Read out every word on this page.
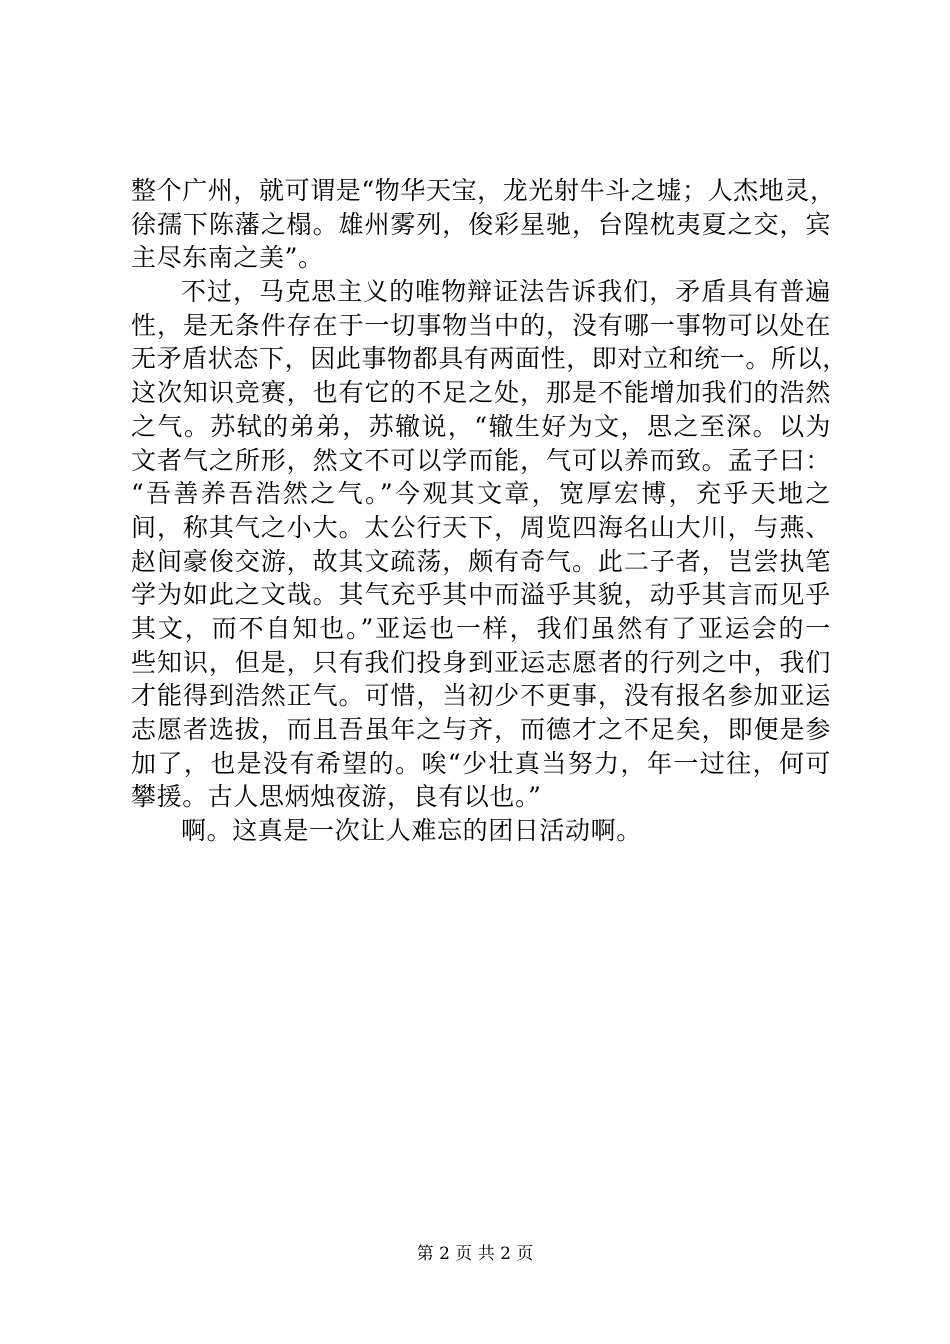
整个广州，就可谓是“物华天宝，龙光射牛斗之墟；人杰地灵，
徐孺下陈藩之榻。雄州雾列，俊彩星驰，台隍枕夷夏之交，宾
主尽东南之美”。
不过，马克思主义的唯物辩证法告诉我们，矛盾具有普遍
性，是无条件存在于一切事物当中的，没有哪一事物可以处在
无矛盾状态下，因此事物都具有两面性，即对立和统一。所以，
这次知识竞赛，也有它的不足之处，那是不能增加我们的浩然
之气。苏轼的弟弟，苏辙说，“辙生好为文，思之至深。以为
文者气之所形，然文不可以学而能，气可以养而致。孟子曰：
“吾善养吾浩然之气。”今观其文章，宽厚宏博，充乎天地之
间，称其气之小大。太公行天下，周览四海名山大川，与燕、
赵间豪俊交游，故其文疏荡，颇有奇气。此二子者，岂尝执笔
学为如此之文哉。其气充乎其中而溢乎其貌，动乎其言而见乎
其文，而不自知也。”亚运也一样，我们虽然有了亚运会的一
些知识，但是，只有我们投身到亚运志愿者的行列之中，我们
才能得到浩然正气。可惜，当初少不更事，没有报名参加亚运
志愿者选拔，而且吾虽年之与齐，而德才之不足矣，即便是参
加了，也是没有希望的。唉“少壮真当努力，年一过往，何可
攀援。古人思炳烛夜游，良有以也。”
啊。这真是一次让人难忘的团日活动啊。
第 2 页 共 2 页
